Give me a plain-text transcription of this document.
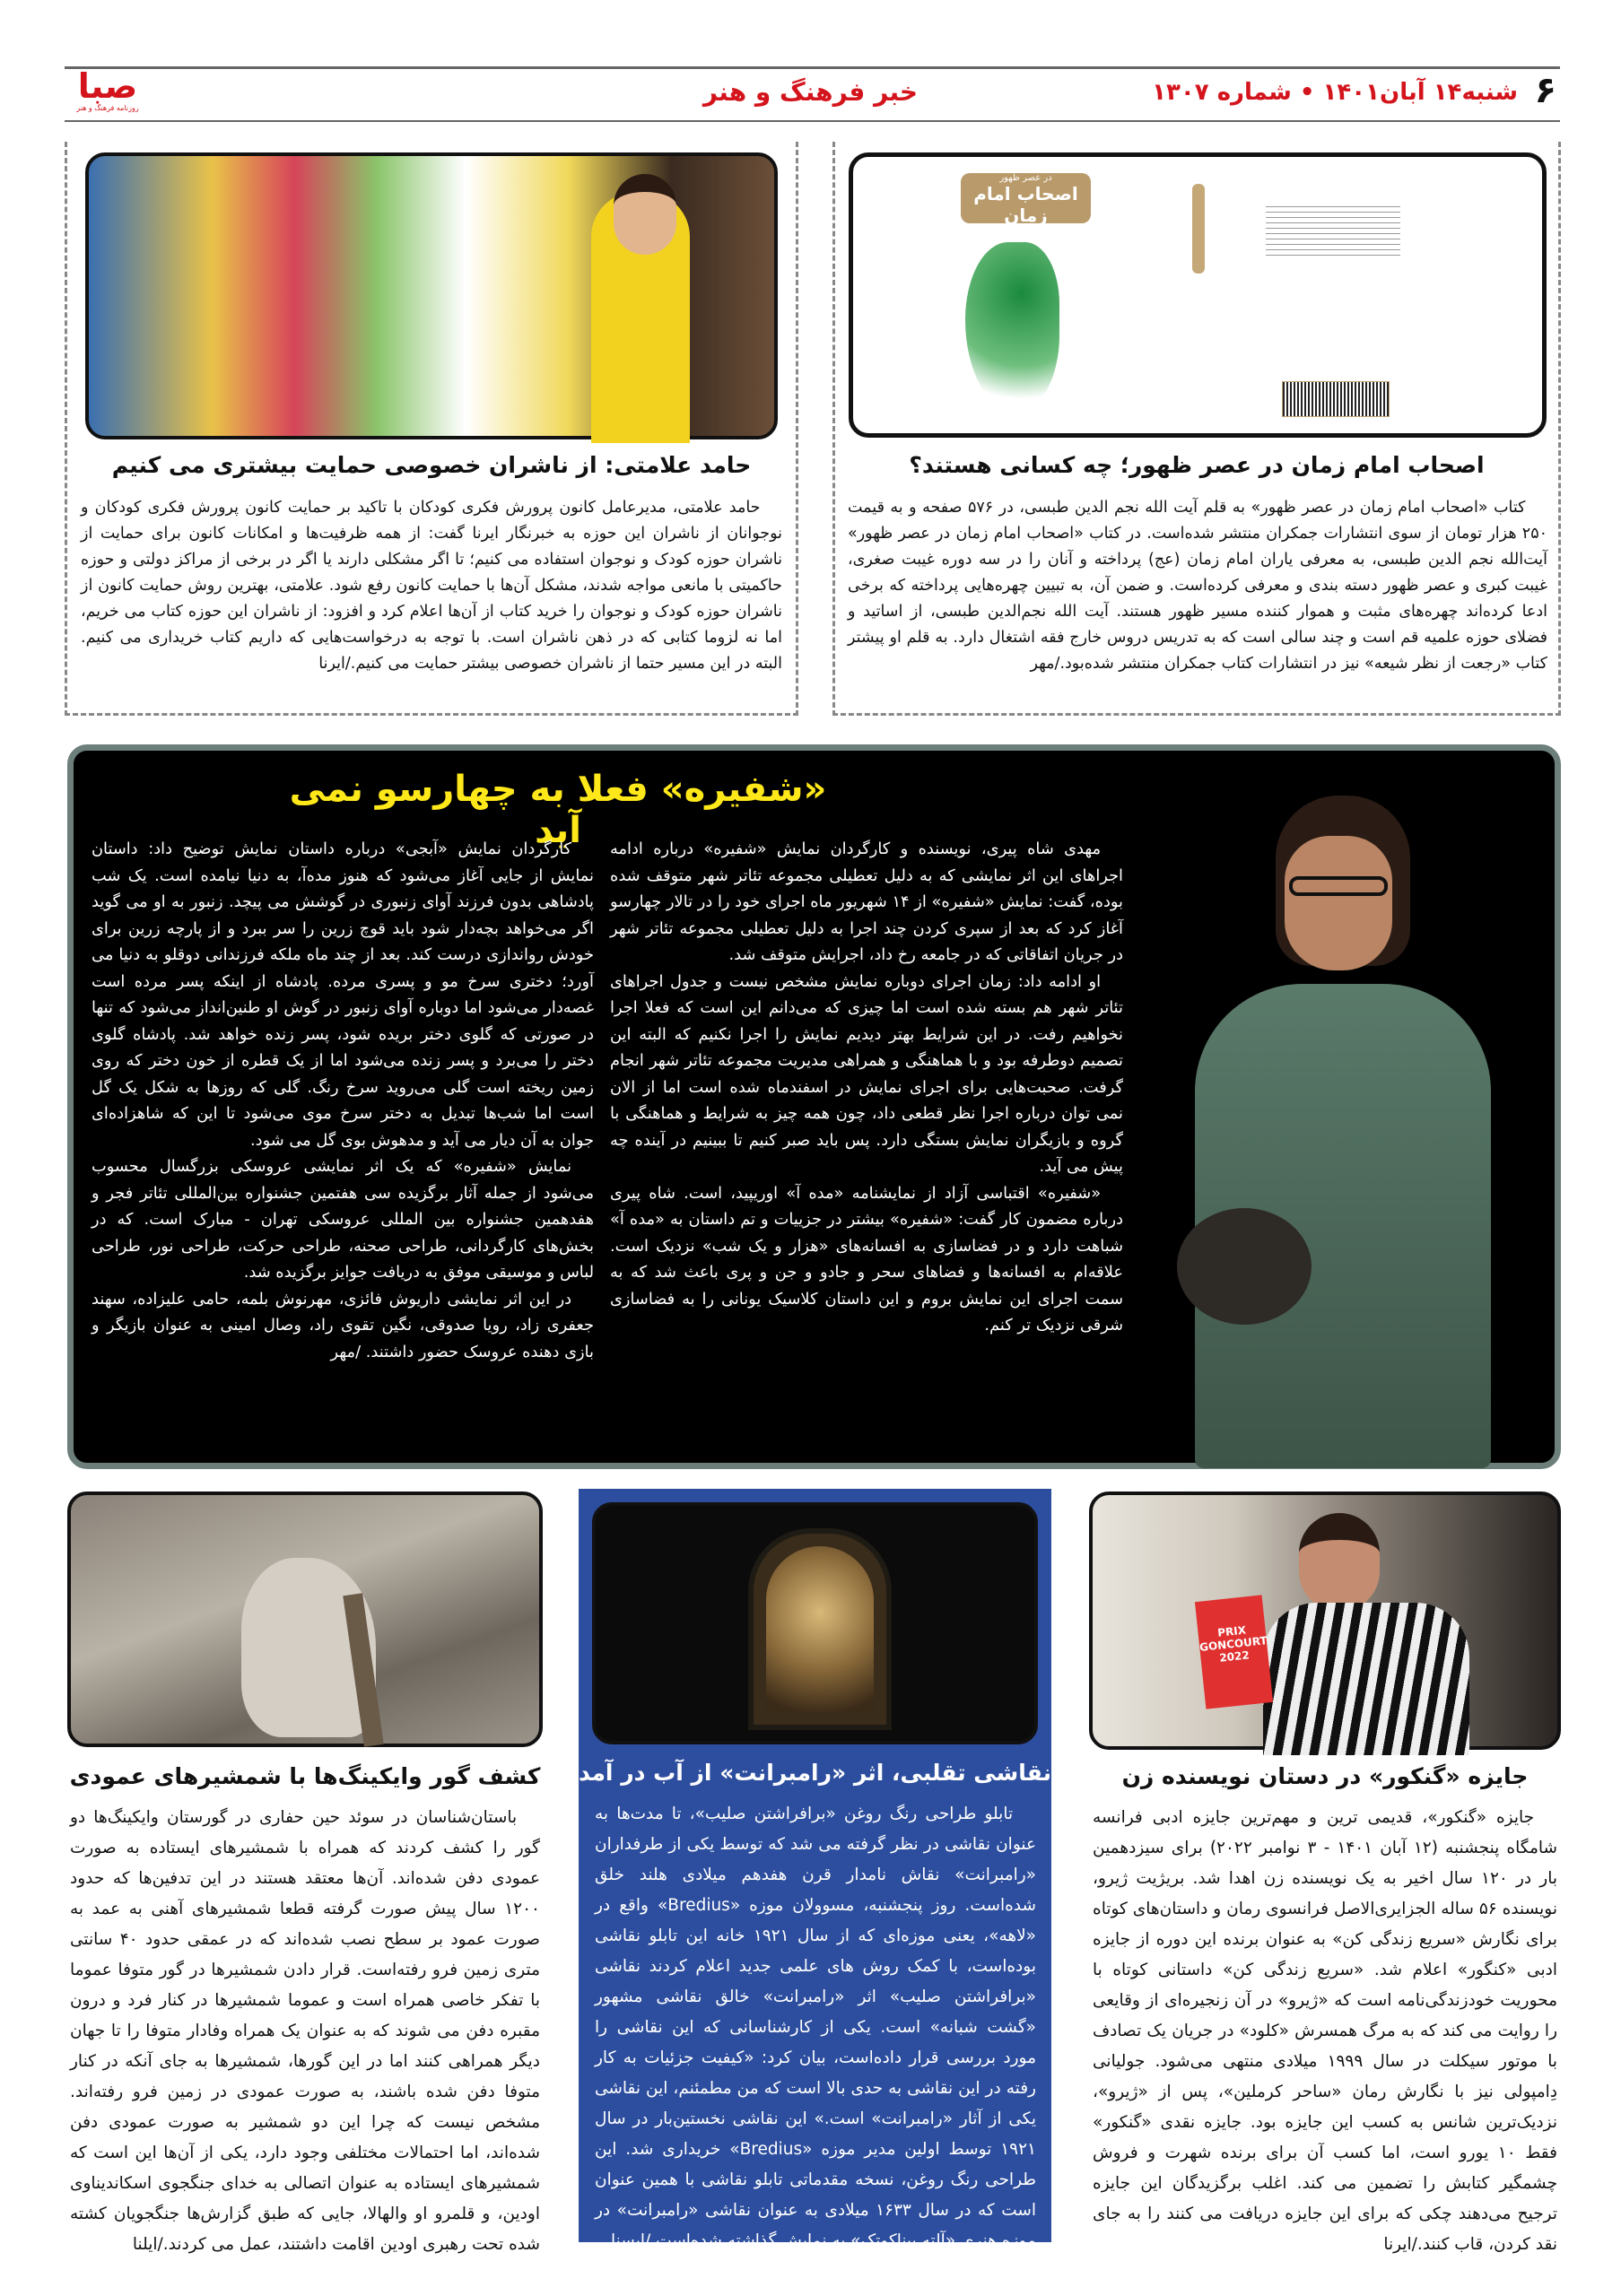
صبا
روزنامه فرهنگ و هنر
خبر فرهنگ و هنر	شنبه۱۴ آبان۱۴۰۱ • شماره ۱۳۰۷ ۶
در عصر ظهور
اصحاب امام زمان
اصحاب امام زمان در عصر ظهور؛ چه کسانی هستند؟

کتاب «اصحاب امام زمان در عصر ظهور» به قلم آیت الله نجم الدین طبسی، در ۵۷۶ صفحه و به قیمت ۲۵۰ هزار تومان از سوی انتشارات جمکران منتشر شده‌است. در کتاب «اصحاب امام زمان در عصر ظهور» آیت‌الله نجم الدین طبسی، به معرفی یاران امام زمان (عج) پرداخته و آنان را در سه دوره غیبت صغری، غیبت کبری و عصر ظهور دسته بندی و معرفی کرده‌است. و ضمن آن، به تبیین چهره‌هایی پرداخته که برخی ادعا کرده‌اند چهره‌های مثبت و هموار کننده مسیر ظهور هستند. آیت الله نجم‌الدین طبسی، از اساتید و فضلای حوزه علمیه قم است و چند سالی است که به تدریس دروس خارج فقه اشتغال دارد. به قلم او پیشتر کتاب «رجعت از نظر شیعه» نیز در انتشارات کتاب جمکران منتشر شده‌بود./مهر

حامد علامتی: از ناشران خصوصی حمایت بیشتری می کنیم

حامد علامتی، مدیرعامل کانون پرورش فکری کودکان با تاکید بر حمایت کانون پرورش فکری کودکان و نوجوانان از ناشران این حوزه به خبرنگار ایرنا گفت: از همه ظرفیت‌ها و امکانات کانون برای حمایت از ناشران حوزه کودک و نوجوان استفاده می کنیم؛ تا اگر مشکلی دارند یا اگر در برخی از مراکز دولتی و حوزه حاکمیتی با مانعی مواجه شدند، مشکل آن‌ها با حمایت کانون رفع شود. علامتی، بهترین روش حمایت کانون از ناشران حوزه کودک و نوجوان را خرید کتاب از آن‌ها اعلام کرد و افزود: از ناشران این حوزه کتاب می خریم، اما نه لزوما کتابی که در ذهن ناشران است. با توجه به درخواست‌هایی که داریم کتاب خریداری می کنیم. البته در این مسیر حتما از ناشران خصوصی بیشتر حمایت می کنیم./ایرنا

«شفیره» فعلا به چهارسو نمی آید	مهدی شاه پیری، نویسنده و کارگردان نمایش «شفیره» درباره ادامه اجراهای این اثر نمایشی که به دلیل تعطیلی مجموعه تئاتر شهر متوقف شده بوده، گفت: نمایش «شفیره» از ۱۴ شهریور ماه اجرای خود را در تالار چهارسو آغاز کرد که بعد از سپری کردن چند اجرا به دلیل تعطیلی مجموعه تئاتر شهر در جریان اتفاقاتی که در جامعه رخ داد، اجرایش متوقف شد.

او ادامه داد: زمان اجرای دوباره نمایش مشخص نیست و جدول اجراهای تئاتر شهر هم بسته شده است اما چیزی که می‌دانم این است که فعلا اجرا نخواهیم رفت. در این شرایط بهتر دیدیم نمایش را اجرا نکنیم که البته این تصمیم دوطرفه بود و با هماهنگی و همراهی مدیریت مجموعه تئاتر شهر انجام گرفت. صحبت‌هایی برای اجرای نمایش در اسفندماه شده است اما از الان نمی توان درباره اجرا نظر قطعی داد، چون همه چیز به شرایط و هماهنگی با گروه و بازیگران نمایش بستگی دارد. پس باید صبر کنیم تا ببینیم در آینده چه پیش می آید.

«شفیره» اقتباسی آزاد از نمایشنامه «مده آ» اوریپید، است. شاه پیری درباره مضمون کار گفت: «شفیره» بیشتر در جزییات و تم داستان به «مده آ» شباهت دارد و در فضاسازی به افسانه‌های «هزار و یک شب» نزدیک است. علاقه‌ام به افسانه‌ها و فضاهای سحر و جادو و جن و پری باعث شد که به سمت اجرای این نمایش بروم و این داستان کلاسیک یونانی را به فضاسازی شرقی نزدیک تر کنم.

کارگردان نمایش «آبجی» درباره داستان نمایش توضیح داد: داستان نمایش از جایی آغاز می‌شود که هنوز مده‌آ، به دنیا نیامده است. یک شب پادشاهی بدون فرزند آوای زنبوری در گوشش می پیچد. زنبور به او می گوید اگر می‌خواهد بچه‌دار شود باید قوچ زرین را سر ببرد و از پارچه زرین برای خودش رواندازی درست کند. بعد از چند ماه ملکه فرزندانی دوقلو به دنیا می آورد؛ دختری سرخ مو و پسری مرده. پادشاه از اینکه پسر مرده است غصه‌دار می‌شود اما دوباره آوای زنبور در گوش او طنین‌انداز می‌شود که تنها در صورتی که گلوی دختر بریده شود، پسر زنده خواهد شد. پادشاه گلوی دختر را می‌برد و پسر زنده می‌شود اما از یک قطره از خون دختر که روی زمین ریخته است گلی می‌روید سرخ رنگ. گلی که روزها به شکل یک گل است اما شب‌ها تبدیل به دختر سرخ موی می‌شود تا این که شاهزاده‌ای جوان به آن دیار می آید و مدهوش بوی گل می شود.

نمایش «شفیره» که یک اثر نمایشی عروسکی بزرگسال محسوب می‌شود از جمله آثار برگزیده سی هفتمین جشنواره بین‌المللی تئاتر فجر و هفدهمین جشنواره بین المللی عروسکی تهران - مبارک است. که در بخش‌های کارگردانی، طراحی صحنه، طراحی حرکت، طراحی نور، طراحی لباس و موسیقی موفق به دریافت جوایز برگزیده شد.

در این اثر نمایشی داریوش فائزی، مهرنوش بلمه، حامی علیزاده، سهند جعفری زاد، رویا صدوقی، نگین تقوی راد، وصال امینی به عنوان بازیگر و بازی دهنده عروسک حضور داشتند. /مهر

PRIX GONCOURT 2022
جایزه «گنکور» در دستان نویسنده زن

جایزه «گنکور»، قدیمی ترین و مهم‌ترین جایزه ادبی فرانسه شامگاه پنجشنبه (۱۲ آبان ۱۴۰۱ - ۳ نوامبر ۲۰۲۲) برای سیزدهمین بار در ۱۲۰ سال اخیر به یک نویسنده زن اهدا شد. بریژیت ژیرو، نویسنده ۵۶ ساله الجزایری‌الاصل فرانسوی رمان و داستان‌های کوتاه برای نگارش «سریع زندگی کن» به عنوان برنده این دوره از جایزه ادبی «کنگور» اعلام شد. «سریع زندگی کن» داستانی کوتاه با محوریت خودزندگی‌نامه است که «ژیرو» در آن زنجیره‌ای از وقایعی را روایت می کند که به مرگ همسرش «کلود» در جریان یک تصادف با موتور سیکلت در سال ۱۹۹۹ میلادی منتهی می‌شود. جولیانی دِامپولی نیز با نگارش رمان «ساحر کرملین»، پس از «ژیرو»، نزدیک‌ترین شانس به کسب این جایزه بود. جایزه نقدی «گنکور» فقط ۱۰ یورو است، اما کسب آن برای برنده شهرت و فروش چشمگیر کتابش را تضمین می کند. اغلب برگزیدگان این جایزه ترجیح می‌دهند چکی که برای این جایزه دریافت می کنند را به جای نقد کردن، قاب کنند./ایرنا

نقاشی تقلبی، اثر «رامبرانت» از آب در آمد

تابلو طراحی رنگ روغن «برافراشتن صلیب»، تا مدت‌ها به عنوان نقاشی در نظر گرفته می شد که توسط یکی از طرفداران «رامبرانت» نقاش نامدار قرن هفدهم میلادی هلند خلق شده‌است. روز پنجشنبه، مسوولان موزه «Bredius» واقع در «لاهه»، یعنی موزه‌ای که از سال ۱۹۲۱ خانه این تابلو نقاشی بوده‌است، با کمک روش های علمی جدید اعلام کردند نقاشی «برافراشتن صلیب» اثر «رامبرانت» خالق نقاشی مشهور «گشت شبانه» است. یکی از کارشناسانی که این نقاشی را مورد بررسی قرار داده‌است، بیان کرد: «کیفیت جزئیات به کار رفته در این نقاشی به حدی بالا است که من مطمئنم، این نقاشی یکی از آثار «رامبرانت» است.» این نقاشی نخستین‌بار در سال ۱۹۲۱ توسط اولین مدیر موزه «Bredius» خریداری شد. این طراحی رنگ روغن، نسخه مقدماتی تابلو نقاشی با همین عنوان است که در سال ۱۶۳۳ میلادی به عنوان نقاشی «رامبرانت» در موزه هنری «آلته پیناکوتک» به نمایش گذاشته شده‌است./ایسنا

کشف گور وایکینگ‌ها با شمشیرهای عمودی

باستان‌شناسان در سوئد حین حفاری در گورستان وایکینگ‌ها دو گور را کشف کردند که همراه با شمشیرهای ایستاده به صورت عمودی دفن شده‌اند. آن‌ها معتقد هستند در این تدفین‌ها که حدود ۱۲۰۰ سال پیش صورت گرفته قطعا شمشیرهای آهنی به عمد به صورت عمود بر سطح نصب شده‌اند که در عمقی حدود ۴۰ سانتی متری زمین فرو رفته‌است. قرار دادن شمشیرها در گور متوفا عموما با تفکر خاصی همراه است و عموما شمشیرها در کنار فرد و درون مقبره دفن می شوند که به عنوان یک همراه وفادار متوفا را تا جهان دیگر همراهی کنند اما در این گورها، شمشیرها به جای آنکه در کنار متوفا دفن شده باشند، به صورت عمودی در زمین فرو رفته‌اند. مشخص نیست که چرا این دو شمشیر به صورت عمودی دفن شده‌اند، اما احتمالات مختلفی وجود دارد، یکی از آن‌ها این است که شمشیرهای ایستاده به عنوان اتصالی به خدای جنگجوی اسکاندیناوی اودین، و قلمرو او والهالا، جایی که طبق گزارش‌ها جنگجویان کشته شده تحت رهبری اودین اقامت داشتند، عمل می کردند./ایلنا
